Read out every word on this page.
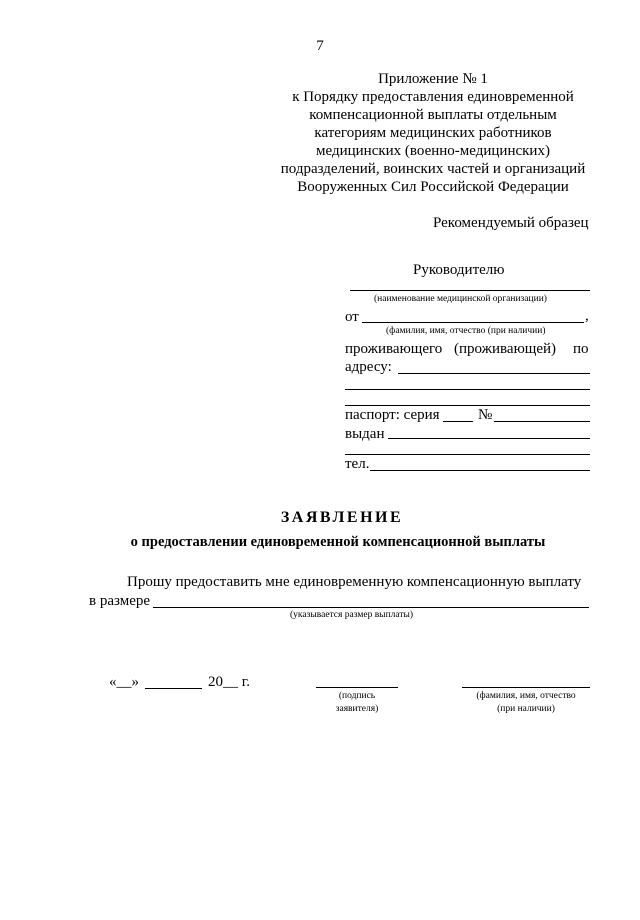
7
Приложение № 1
к Порядку предоставления единовременной
компенсационной выплаты отдельным
категориям медицинских работников
медицинских (военно-медицинских)
подразделений, воинских частей и организаций
Вооруженных Сил Российской Федерации
Рекомендуемый образец
Руководителю
(наименование медицинской организации)
от	,
(фамилия, имя, отчество (при наличии)
проживающего (проживающей) по
адресу:
паспорт: серия	№
выдан
тел.
ЗАЯВЛЕНИЕ
о предоставлении единовременной компенсационной выплаты
Прошу предоставить мне единовременную компенсационную выплату
в размере
(указывается размер выплаты)
«__»	20__ г.
(подпись
заявителя)
(фамилия, имя, отчество
(при наличии)
